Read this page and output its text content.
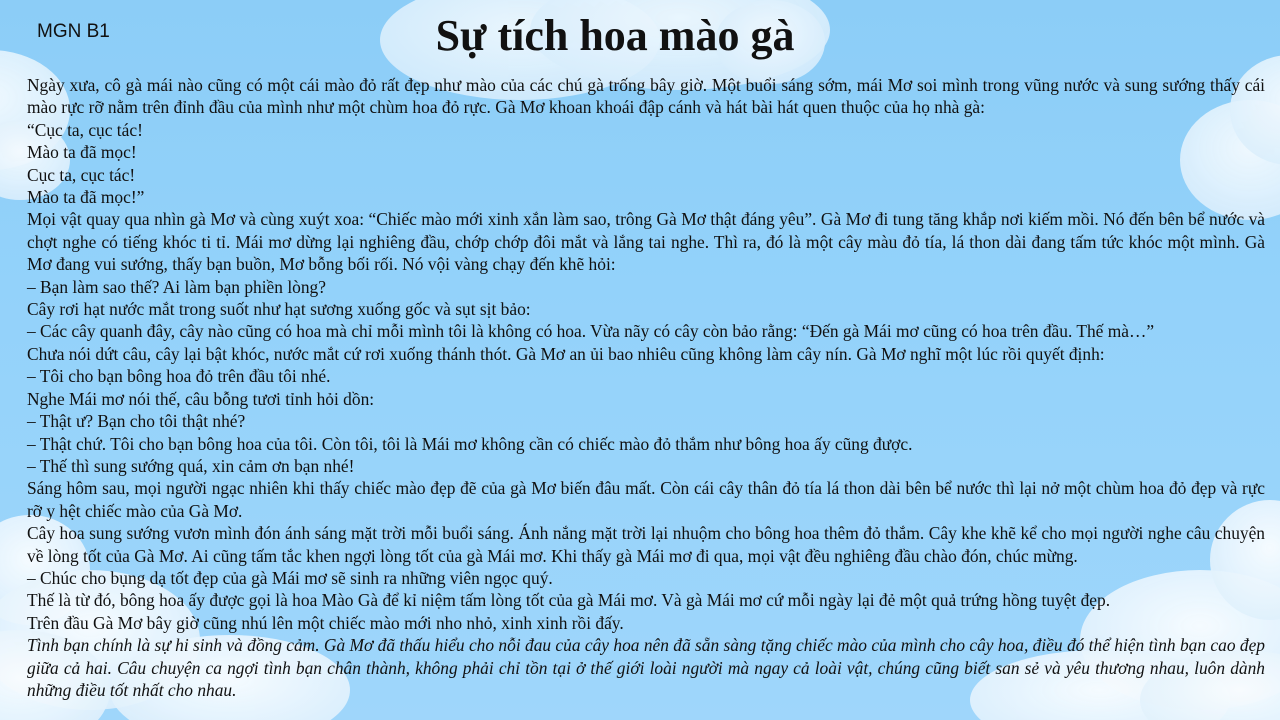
MGN B1	Sự tích hoa mào gà

Ngày xưa, cô gà mái nào cũng có một cái mào đỏ rất đẹp như mào của các chú gà trống bây giờ. Một buổi sáng sớm, mái Mơ soi mình trong vũng nước và sung sướng thấy cái mào rực rỡ nằm trên đỉnh đầu của mình như một chùm hoa đỏ rực. Gà Mơ khoan khoái đập cánh và hát bài hát quen thuộc của họ nhà gà:

“Cục ta, cục tác!

Mào ta đã mọc!

Cục ta, cục tác!

Mào ta đã mọc!”

Mọi vật quay qua nhìn gà Mơ và cùng xuýt xoa: “Chiếc mào mới xinh xắn làm sao, trông Gà Mơ thật đáng yêu”. Gà Mơ đi tung tăng khắp nơi kiếm mồi. Nó đến bên bể nước và chợt nghe có tiếng khóc ti tỉ. Mái mơ dừng lại nghiêng đầu, chớp chớp đôi mắt và lắng tai nghe. Thì ra, đó là một cây màu đỏ tía, lá thon dài đang tấm tức khóc một mình. Gà Mơ đang vui sướng, thấy bạn buồn, Mơ bỗng bối rối. Nó vội vàng chạy đến khẽ hỏi:

– Bạn làm sao thế? Ai làm bạn phiền lòng?

Cây rơi hạt nước mắt trong suốt như hạt sương xuống gốc và sụt sịt bảo:

– Các cây quanh đây, cây nào cũng có hoa mà chỉ mỗi mình tôi là không có hoa. Vừa nãy có cây còn bảo rằng: “Đến gà Mái mơ cũng có hoa trên đầu. Thế mà…”

Chưa nói dứt câu, cây lại bật khóc, nước mắt cứ rơi xuống thánh thót. Gà Mơ an ủi bao nhiêu cũng không làm cây nín. Gà Mơ nghĩ một lúc rồi quyết định:

– Tôi cho bạn bông hoa đỏ trên đầu tôi nhé.

Nghe Mái mơ nói thế, câu bỗng tươi tỉnh hỏi dồn:

– Thật ư? Bạn cho tôi thật nhé?

– Thật chứ. Tôi cho bạn bông hoa của tôi. Còn tôi, tôi là Mái mơ không cần có chiếc mào đỏ thắm như bông hoa ấy cũng được.

– Thế thì sung sướng quá, xin cảm ơn bạn nhé!

Sáng hôm sau, mọi người ngạc nhiên khi thấy chiếc mào đẹp đẽ của gà Mơ biến đâu mất. Còn cái cây thân đỏ tía lá thon dài bên bể nước thì lại nở một chùm hoa đỏ đẹp và rực rỡ y hệt chiếc mào của Gà Mơ.

Cây hoa sung sướng vươn mình đón ánh sáng mặt trời mỗi buổi sáng. Ánh nắng mặt trời lại nhuộm cho bông hoa thêm đỏ thắm. Cây khe khẽ kể cho mọi người nghe câu chuyện về lòng tốt của Gà Mơ. Ai cũng tấm tắc khen ngợi lòng tốt của gà Mái mơ. Khi thấy gà Mái mơ đi qua, mọi vật đều nghiêng đầu chào đón, chúc mừng.

– Chúc cho bụng dạ tốt đẹp của gà Mái mơ sẽ sinh ra những viên ngọc quý.

Thế là từ đó, bông hoa ấy được gọi là hoa Mào Gà để kỉ niệm tấm lòng tốt của gà Mái mơ. Và gà Mái mơ cứ mỗi ngày lại đẻ một quả trứng hồng tuyệt đẹp.

Trên đầu Gà Mơ bây giờ cũng nhú lên một chiếc mào mới nho nhỏ, xinh xinh rồi đấy.

Tình bạn chính là sự hi sinh và đồng cảm. Gà Mơ đã thấu hiểu cho nỗi đau của cây hoa nên đã sẵn sàng tặng chiếc mào của mình cho cây hoa, điều đó thể hiện tình bạn cao đẹp giữa cả hai. Câu chuyện ca ngợi tình bạn chân thành, không phải chỉ tồn tại ở thế giới loài người mà ngay cả loài vật, chúng cũng biết san sẻ và yêu thương nhau, luôn dành những điều tốt nhất cho nhau.
